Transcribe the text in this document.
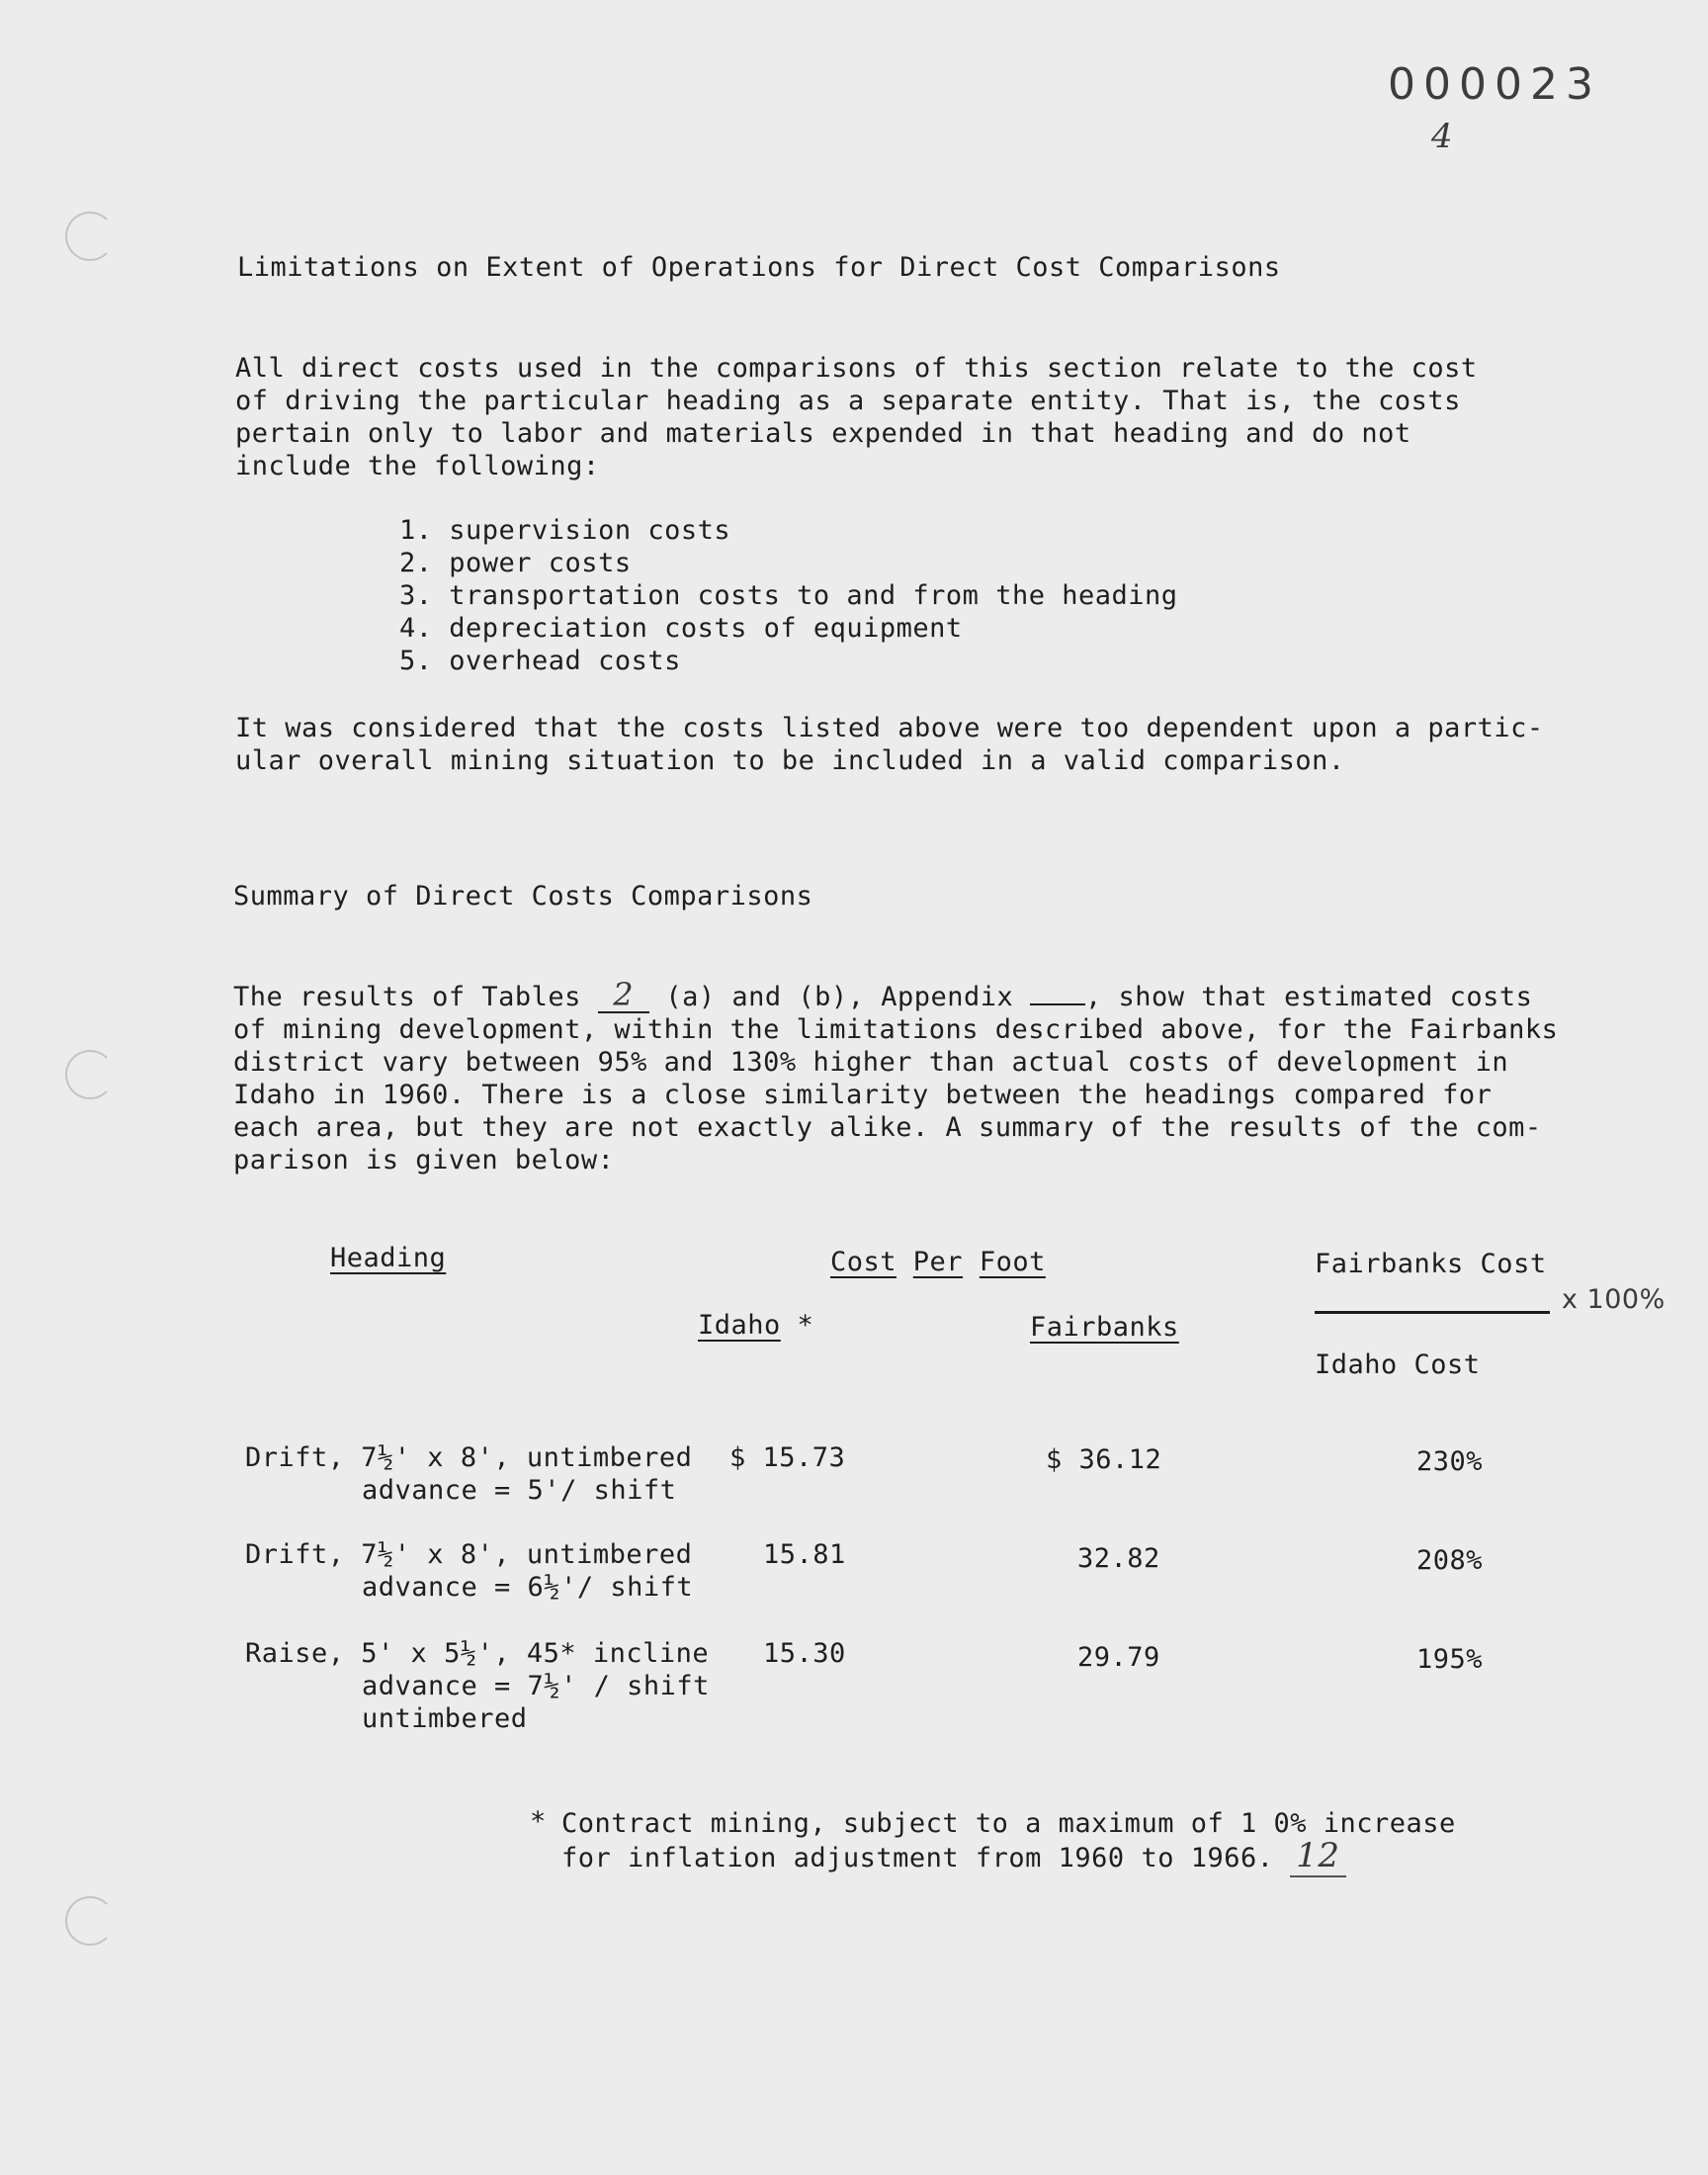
000023
4
Limitations on Extent of Operations for Direct Cost Comparisons
All direct costs used in the comparisons of this section relate to the cost
of driving the particular heading as a separate entity. That is, the costs
pertain only to labor and materials expended in that heading and do not
include the following:
1. supervision costs
2. power costs
3. transportation costs to and from the heading
4. depreciation costs of equipment
5. overhead costs
It was considered that the costs listed above were too dependent upon a partic-
ular overall mining situation to be included in a valid comparison.
Summary of Direct Costs Comparisons
The results of Tables 2 (a) and (b), Appendix , show that estimated costs
of mining development, within the limitations described above, for the Fairbanks
district vary between 95% and 130% higher than actual costs of development in
Idaho in 1960. There is a close similarity between the headings compared for
each area, but they are not exactly alike. A summary of the results of the com-
parison is given below:
Heading	Cost Per Foot
Idaho *	Fairbanks
Fairbanks Cost
x 100%
Idaho Cost
Drift, 7½' x 8', untimbered
advance = 5'/ shift
$ 15.73	$ 36.12	230%
Drift, 7½' x 8', untimbered
advance = 6½'/ shift
15.81	32.82	208%
Raise, 5' x 5½', 45* incline
advance = 7½' / shift
untimbered
15.30	29.79	195%
* Contract mining, subject to a maximum of 1 0% increase
for inflation adjustment from 1960 to 1966. 12
